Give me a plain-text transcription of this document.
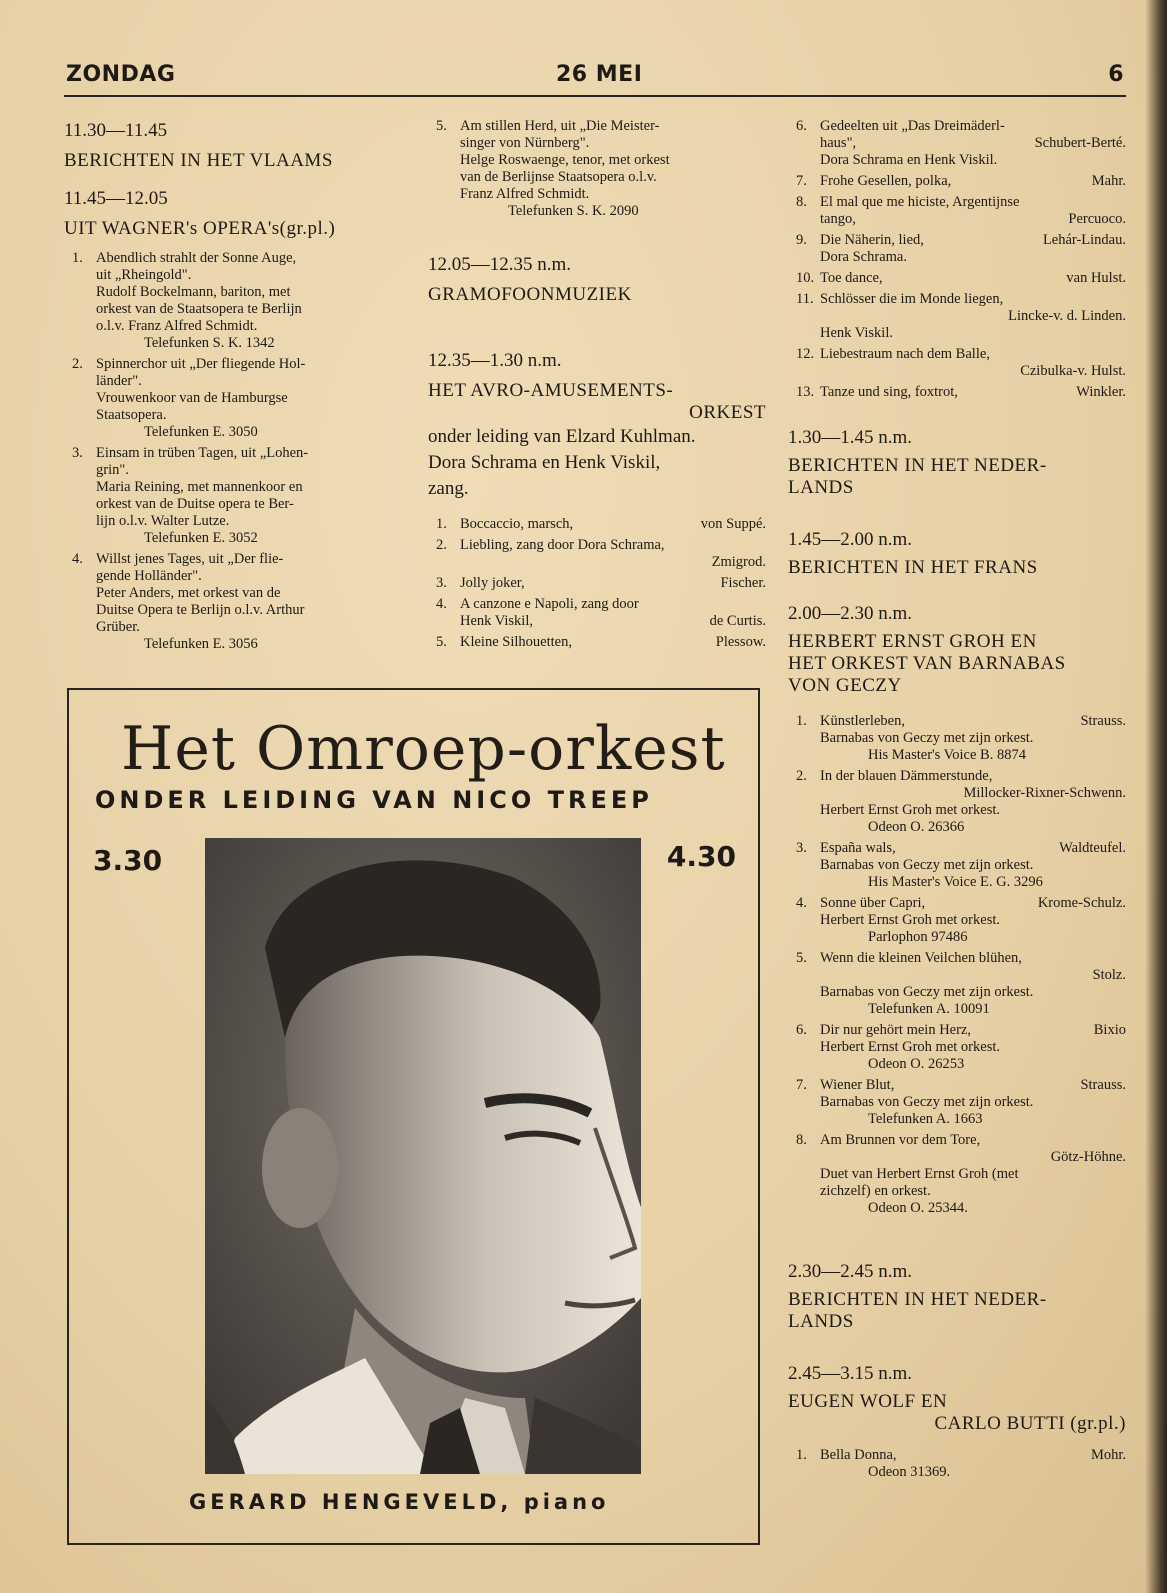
ZONDAG	26 MEI	6

11.30—11.45

BERICHTEN IN HET VLAAMS

11.45—12.05

UIT WAGNER's OPERA's(gr.pl.)

1. Abendlich strahlt der Sonne Auge,
uit „Rheingold".
Rudolf Bockelmann, bariton, met
orkest van de Staatsopera te Berlijn
o.l.v. Franz Alfred Schmidt.
Telefunken S. K. 1342
2. Spinnerchor uit „Der fliegende Hol-
länder".
Vrouwenkoor van de Hamburgse
Staatsopera.
Telefunken E. 3050
3. Einsam in trüben Tagen, uit „Lohen-
grin".
Maria Reining, met mannenkoor en
orkest van de Duitse opera te Ber-
lijn o.l.v. Walter Lutze.
Telefunken E. 3052
4. Willst jenes Tages, uit „Der flie-
gende Holländer".
Peter Anders, met orkest van de
Duitse Opera te Berlijn o.l.v. Arthur
Grüber.
Telefunken E. 3056
5. Am stillen Herd, uit „Die Meister-
singer von Nürnberg".
Helge Roswaenge, tenor, met orkest
van de Berlijnse Staatsopera o.l.v.
Franz Alfred Schmidt.
Telefunken S. K. 2090

12.05—12.35 n.m.

GRAMOFOONMUZIEK

12.35—1.30 n.m.

HET AVRO-AMUSEMENTS-

ORKEST

onder leiding van Elzard Kuhlman.

Dora Schrama en Henk Viskil,

zang.

1. Boccaccio, marsch,	von Suppé.
2. Liebling, zang door Dora Schrama,
Zmigrod.
3. Jolly joker,	Fischer.
4. A canzone e Napoli, zang door
Henk Viskil,	de Curtis.
5. Kleine Silhouetten,	Plessow.
6. Gedeelten uit „Das Dreimäderl-
haus",	Schubert-Berté.
Dora Schrama en Henk Viskil.
7. Frohe Gesellen, polka,	Mahr.
8. El mal que me hiciste, Argentijnse
tango,	Percuoco.
9. Die Näherin, lied,	Lehár-Lindau.
Dora Schrama.
10. Toe dance,	van Hulst.
11. Schlösser die im Monde liegen,
Lincke-v. d. Linden.
Henk Viskil.
12. Liebestraum nach dem Balle,
Czibulka-v. Hulst.
13. Tanze und sing, foxtrot,	Winkler.

1.30—1.45 n.m.

BERICHTEN IN HET NEDER-

LANDS

1.45—2.00 n.m.

BERICHTEN IN HET FRANS

2.00—2.30 n.m.

HERBERT ERNST GROH EN

HET ORKEST VAN BARNABAS

VON GECZY

1. Künstlerleben,	Strauss.
Barnabas von Geczy met zijn orkest.
His Master's Voice B. 8874
2. In der blauen Dämmerstunde,
Millocker-Rixner-Schwenn.
Herbert Ernst Groh met orkest.
Odeon O. 26366
3. España wals,	Waldteufel.
Barnabas von Geczy met zijn orkest.
His Master's Voice E. G. 3296
4. Sonne über Capri,	Krome-Schulz.
Herbert Ernst Groh met orkest.
Parlophon 97486
5. Wenn die kleinen Veilchen blühen,
Stolz.
Barnabas von Geczy met zijn orkest.
Telefunken A. 10091
6. Dir nur gehört mein Herz,	Bixio
Herbert Ernst Groh met orkest.
Odeon O. 26253
7. Wiener Blut,	Strauss.
Barnabas von Geczy met zijn orkest.
Telefunken A. 1663
8. Am Brunnen vor dem Tore,
Götz-Höhne.
Duet van Herbert Ernst Groh (met
zichzelf) en orkest.
Odeon O. 25344.

2.30—2.45 n.m.

BERICHTEN IN HET NEDER-

LANDS

2.45—3.15 n.m.

EUGEN WOLF EN

CARLO BUTTI (gr.pl.)

1. Bella Donna,	Mohr.
Odeon 31369.
Het Omroep-orkest
ONDER LEIDING VAN NICO TREEP
3.30	4.30
GERARD HENGEVELD, piano
